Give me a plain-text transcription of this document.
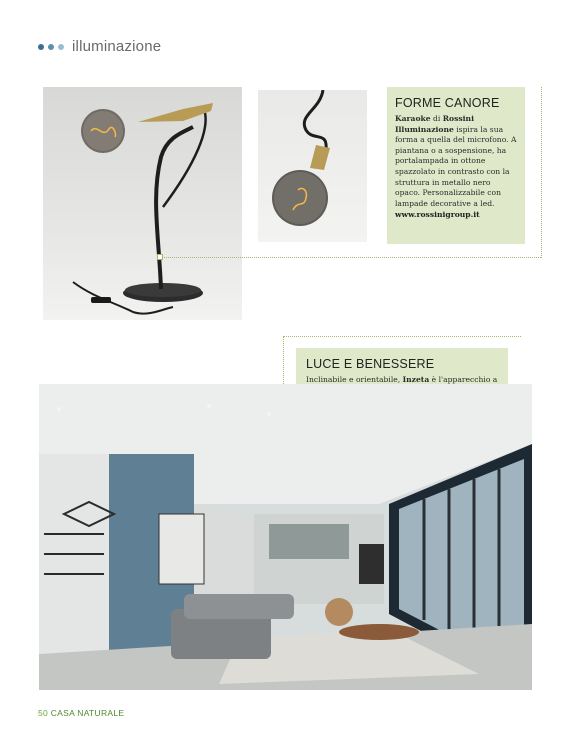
illuminazione

FORME CANORE

Karaoke di Rossini Illuminazione ispira la sua forma a quella del microfono. A piantana o a sospensione, ha portalampada in ottone spazzolato in contrasto con la struttura in metallo nero opaco. Personalizzabile con lampade decorative a led.

www.rossinigroup.it

LUCE E BENESSERE

Inclinabile e orientabile, Inzeta è l'apparecchio a

50 CASA NATURALE
